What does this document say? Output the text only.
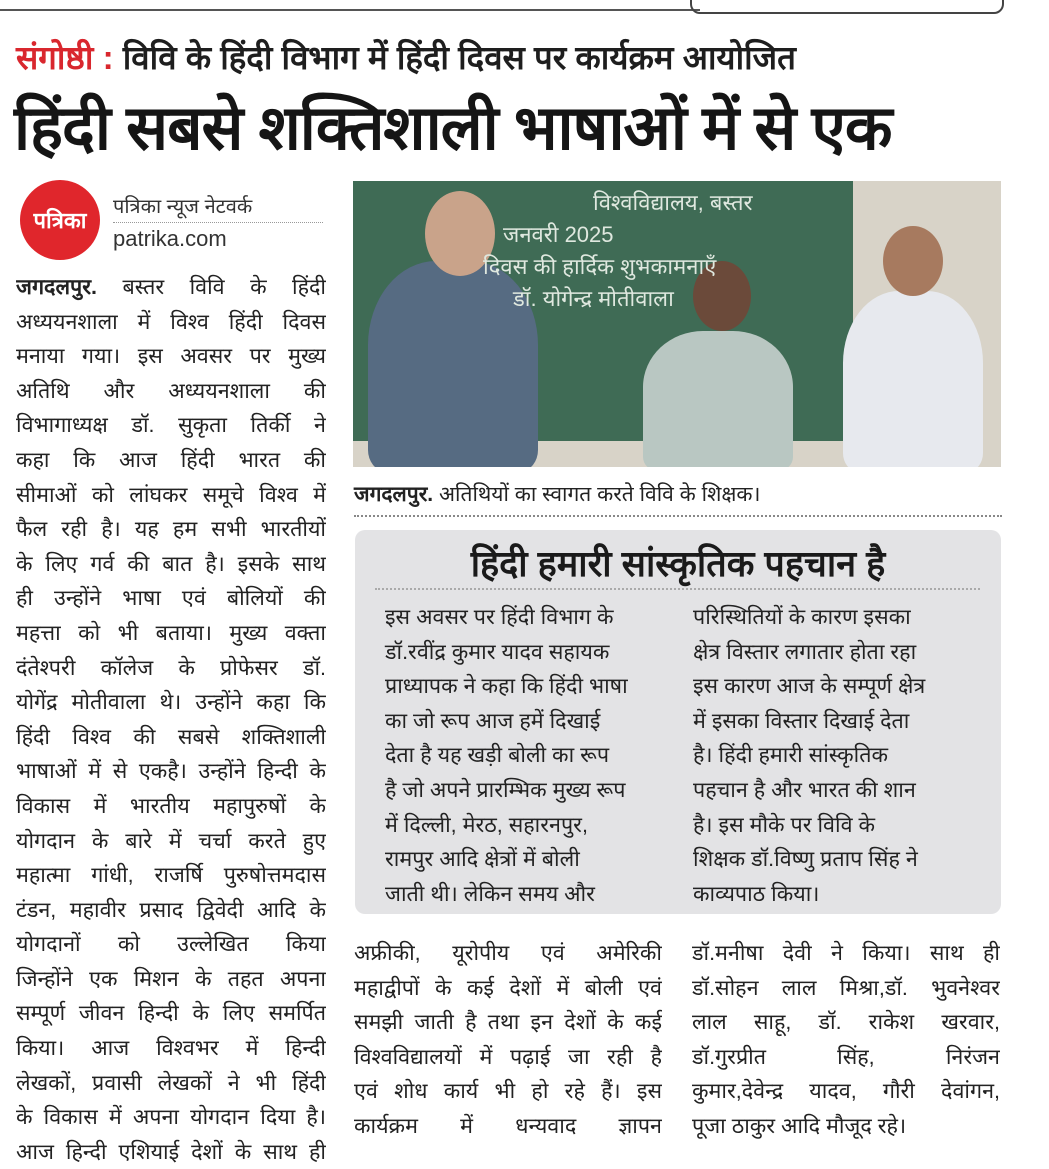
संगोष्ठी : विवि के हिंदी विभाग में हिंदी दिवस पर कार्यक्रम आयोजित
हिंदी सबसे शक्तिशाली भाषाओं में से एक
पत्रिका
पत्रिका न्यूज नेटवर्क
patrika.com
जगदलपुर. बस्तर विवि के हिंदी
अध्ययनशाला में विश्व हिंदी दिवस
मनाया गया। इस अवसर पर मुख्य
अतिथि और अध्ययनशाला की
विभागाध्यक्ष डॉ. सुकृता तिर्की ने
कहा कि आज हिंदी भारत की
सीमाओं को लांघकर समूचे विश्व में
फैल रही है। यह हम सभी भारतीयों
के लिए गर्व की बात है। इसके साथ
ही उन्होंने भाषा एवं बोलियों की
महत्ता को भी बताया। मुख्य वक्ता
दंतेश्परी कॉलेज के प्रोफेसर डॉ.
योगेंद्र मोतीवाला थे। उन्होंने कहा कि
हिंदी विश्व की सबसे शक्तिशाली
भाषाओं में से एकहै। उन्होंने हिन्दी के
विकास में भारतीय महापुरुषों के
योगदान के बारे में चर्चा करते हुए
महात्मा गांधी, राजर्षि पुरुषोत्तमदास
टंडन, महावीर प्रसाद द्विवेदी आदि के
योगदानों को उल्लेखित किया
जिन्होंने एक मिशन के तहत अपना
सम्पूर्ण जीवन हिन्दी के लिए समर्पित
किया। आज विश्वभर में हिन्दी
लेखकों, प्रवासी लेखकों ने भी हिंदी
के विकास में अपना योगदान दिया है।
आज हिन्दी एशियाई देशों के साथ ही
विश्वविद्यालय, बस्तर
जनवरी 2025
दिवस की हार्दिक शुभकामनाएँ
डॉ. योगेन्द्र मोतीवाला
जगदलपुर. अतिथियों का स्वागत करते विवि के शिक्षक।
हिंदी हमारी सांस्कृतिक पहचान है
इस अवसर पर हिंदी विभाग के
डॉ.रवींद्र कुमार यादव सहायक
प्राध्यापक ने कहा कि हिंदी भाषा
का जो रूप आज हमें दिखाई
देता है यह खड़ी बोली का रूप
है जो अपने प्रारम्भिक मुख्य रूप
में दिल्ली, मेरठ, सहारनपुर,
रामपुर आदि क्षेत्रों में बोली
जाती थी। लेकिन समय और
परिस्थितियों के कारण इसका
क्षेत्र विस्तार लगातार होता रहा
इस कारण आज के सम्पूर्ण क्षेत्र
में इसका विस्तार दिखाई देता
है। हिंदी हमारी सांस्कृतिक
पहचान है और भारत की शान
है। इस मौके पर विवि के
शिक्षक डॉ.विष्णु प्रताप सिंह ने
काव्यपाठ किया।
अफ्रीकी, यूरोपीय एवं अमेरिकी
महाद्वीपों के कई देशों में बोली एवं
समझी जाती है तथा इन देशों के कई
विश्वविद्यालयों में पढ़ाई जा रही है
एवं शोध कार्य भी हो रहे हैं। इस
कार्यक्रम में धन्यवाद ज्ञापन
डॉ.मनीषा देवी ने किया। साथ ही
डॉ.सोहन लाल मिश्रा,डॉ. भुवनेश्वर
लाल साहू, डॉ. राकेश खरवार,
डॉ.गुरप्रीत सिंह, निरंजन
कुमार,देवेन्द्र यादव, गौरी देवांगन,
पूजा ठाकुर आदि मौजूद रहे।
